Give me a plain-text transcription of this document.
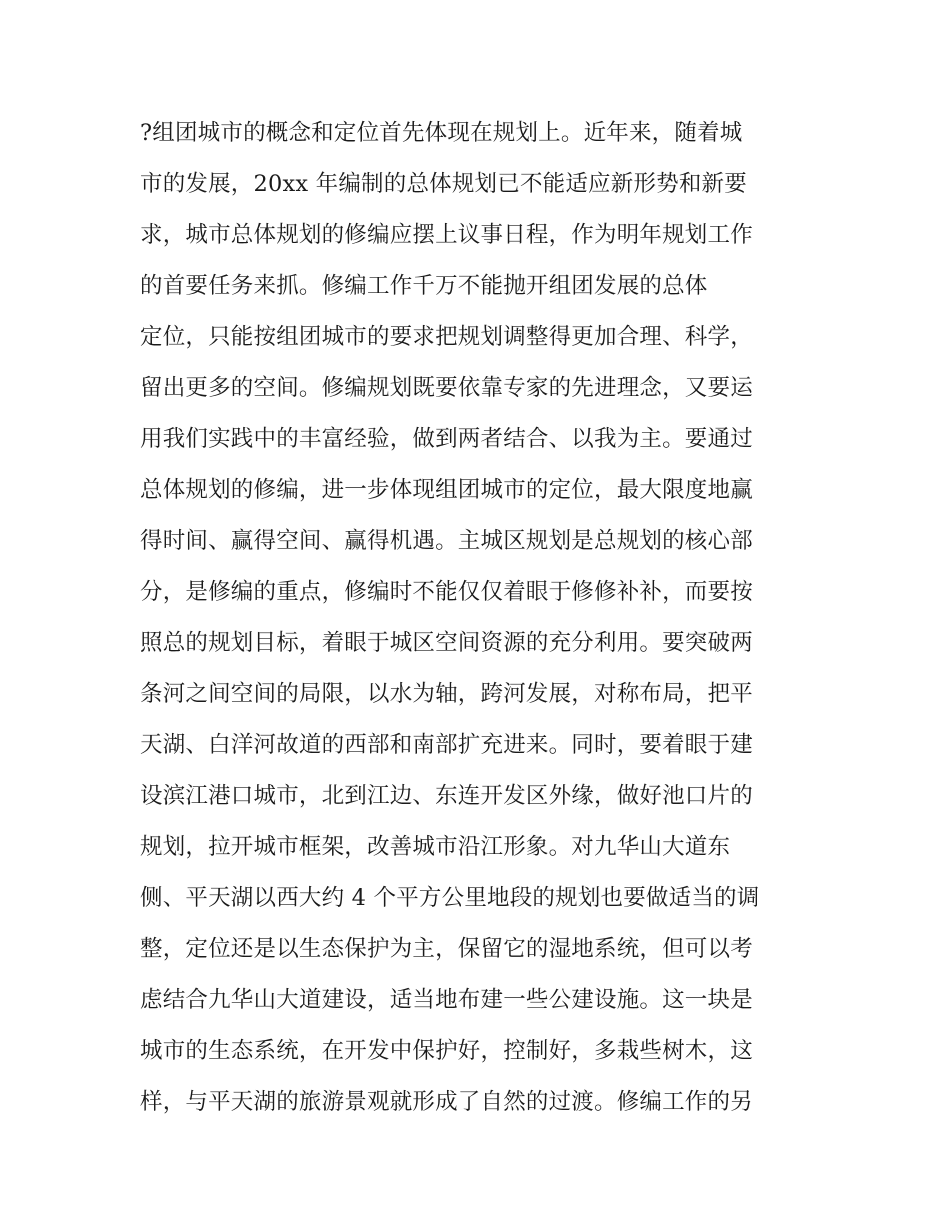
?组团城市的概念和定位首先体现在规划上。近年来，随着城
市的发展，20xx 年编制的总体规划已不能适应新形势和新要
求，城市总体规划的修编应摆上议事日程，作为明年规划工作
的首要任务来抓。修编工作千万不能抛开组团发展的总体
定位，只能按组团城市的要求把规划调整得更加合理、科学，
留出更多的空间。修编规划既要依靠专家的先进理念，又要运
用我们实践中的丰富经验，做到两者结合、以我为主。要通过
总体规划的修编，进一步体现组团城市的定位，最大限度地赢
得时间、赢得空间、赢得机遇。主城区规划是总规划的核心部
分，是修编的重点，修编时不能仅仅着眼于修修补补，而要按
照总的规划目标，着眼于城区空间资源的充分利用。要突破两
条河之间空间的局限，以水为轴，跨河发展，对称布局，把平
天湖、白洋河故道的西部和南部扩充进来。同时，要着眼于建
设滨江港口城市，北到江边、东连开发区外缘，做好池口片的
规划，拉开城市框架，改善城市沿江形象。对九华山大道东
侧、平天湖以西大约 4 个平方公里地段的规划也要做适当的调
整，定位还是以生态保护为主，保留它的湿地系统，但可以考
虑结合九华山大道建设，适当地布建一些公建设施。这一块是
城市的生态系统，在开发中保护好，控制好，多栽些树木，这
样，与平天湖的旅游景观就形成了自然的过渡。修编工作的另
